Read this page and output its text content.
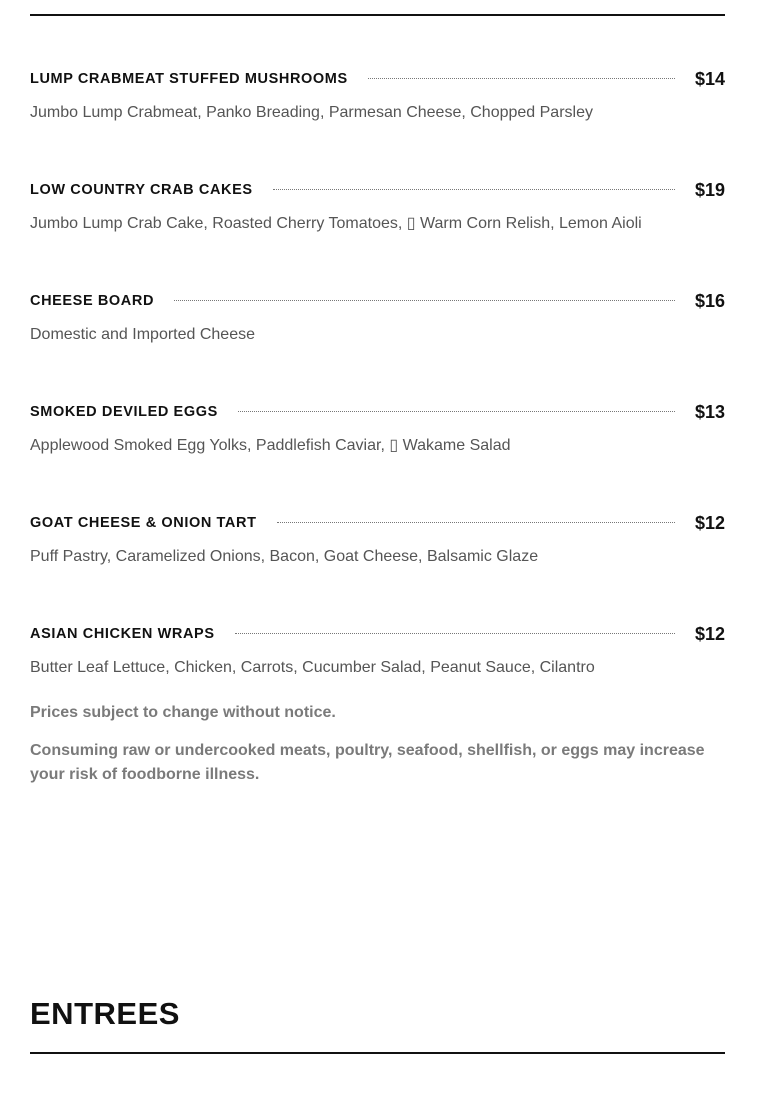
LUMP CRABMEAT STUFFED MUSHROOMS	$14
Jumbo Lump Crabmeat, Panko Breading, Parmesan Cheese, Chopped Parsley
LOW COUNTRY CRAB CAKES	$19
Jumbo Lump Crab Cake, Roasted Cherry Tomatoes, ▯ Warm Corn Relish, Lemon Aioli
CHEESE BOARD	$16
Domestic and Imported Cheese
SMOKED DEVILED EGGS	$13
Applewood Smoked Egg Yolks, Paddlefish Caviar, ▯ Wakame Salad
GOAT CHEESE & ONION TART	$12
Puff Pastry, Caramelized Onions, Bacon, Goat Cheese, Balsamic Glaze
ASIAN CHICKEN WRAPS	$12
Butter Leaf Lettuce, Chicken, Carrots, Cucumber Salad, Peanut Sauce, Cilantro
Prices subject to change without notice.
Consuming raw or undercooked meats, poultry, seafood, shellfish, or eggs may increase your risk of foodborne illness.
ENTREES
